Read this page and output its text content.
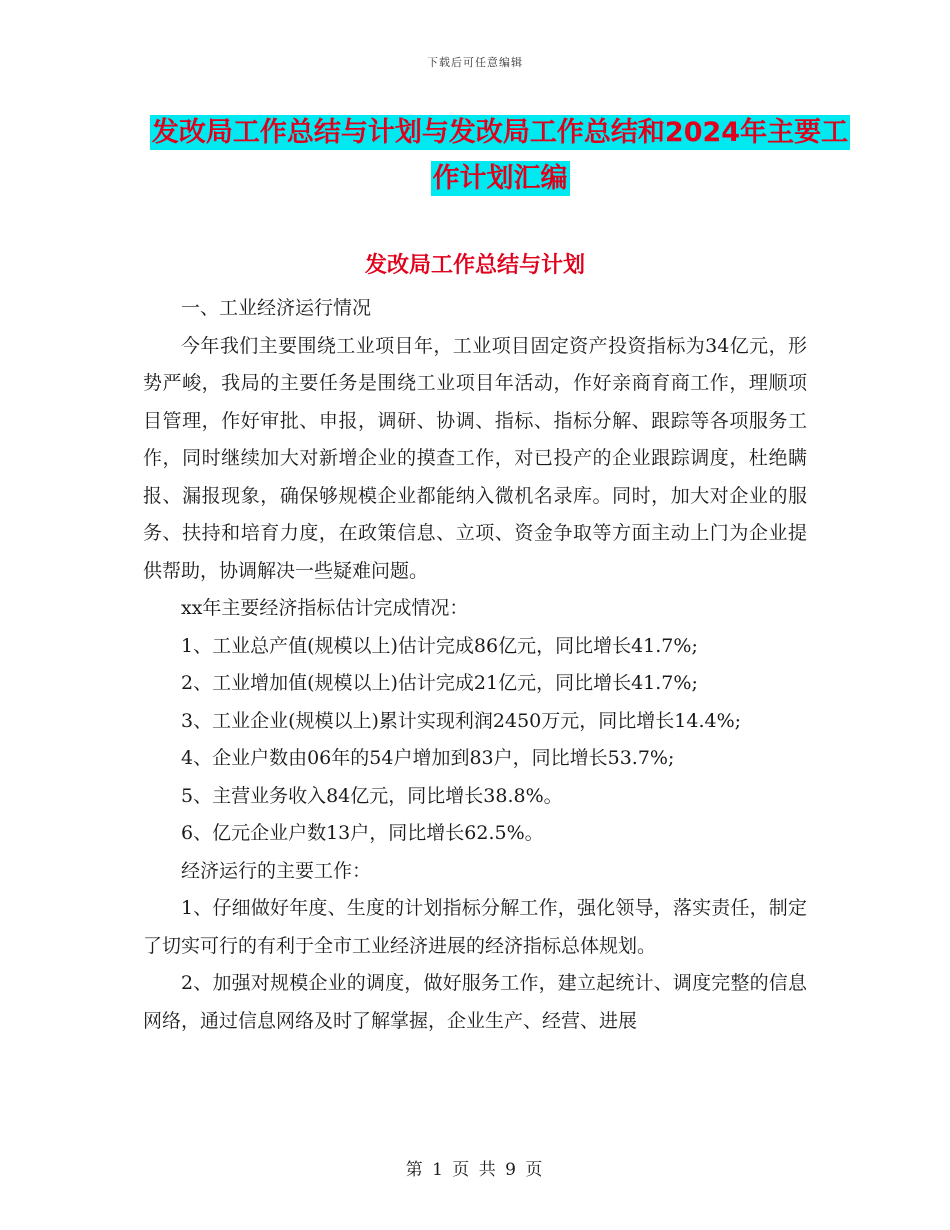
下载后可任意编辑
发改局工作总结与计划与发改局工作总结和2024年主要工作计划汇编
发改局工作总结与计划

一、工业经济运行情况

今年我们主要围绕工业项目年，工业项目固定资产投资指标为34亿元，形势严峻，我局的主要任务是围绕工业项目年活动，作好亲商育商工作，理顺项目管理，作好审批、申报，调研、协调、指标、指标分解、跟踪等各项服务工作，同时继续加大对新增企业的摸查工作，对已投产的企业跟踪调度，杜绝瞒报、漏报现象，确保够规模企业都能纳入微机名录库。同时，加大对企业的服务、扶持和培育力度，在政策信息、立项、资金争取等方面主动上门为企业提供帮助，协调解决一些疑难问题。

xx年主要经济指标估计完成情况：

1、工业总产值(规模以上)估计完成86亿元，同比增长41.7%;

2、工业增加值(规模以上)估计完成21亿元，同比增长41.7%;

3、工业企业(规模以上)累计实现利润2450万元，同比增长14.4%;

4、企业户数由06年的54户增加到83户，同比增长53.7%;

5、主营业务收入84亿元，同比增长38.8%。

6、亿元企业户数13户，同比增长62.5%。

经济运行的主要工作：

1、仔细做好年度、生度的计划指标分解工作，强化领导，落实责任，制定了切实可行的有利于全市工业经济进展的经济指标总体规划。

2、加强对规模企业的调度，做好服务工作，建立起统计、调度完整的信息网络，通过信息网络及时了解掌握，企业生产、经营、进展

第 1 页 共 9 页
